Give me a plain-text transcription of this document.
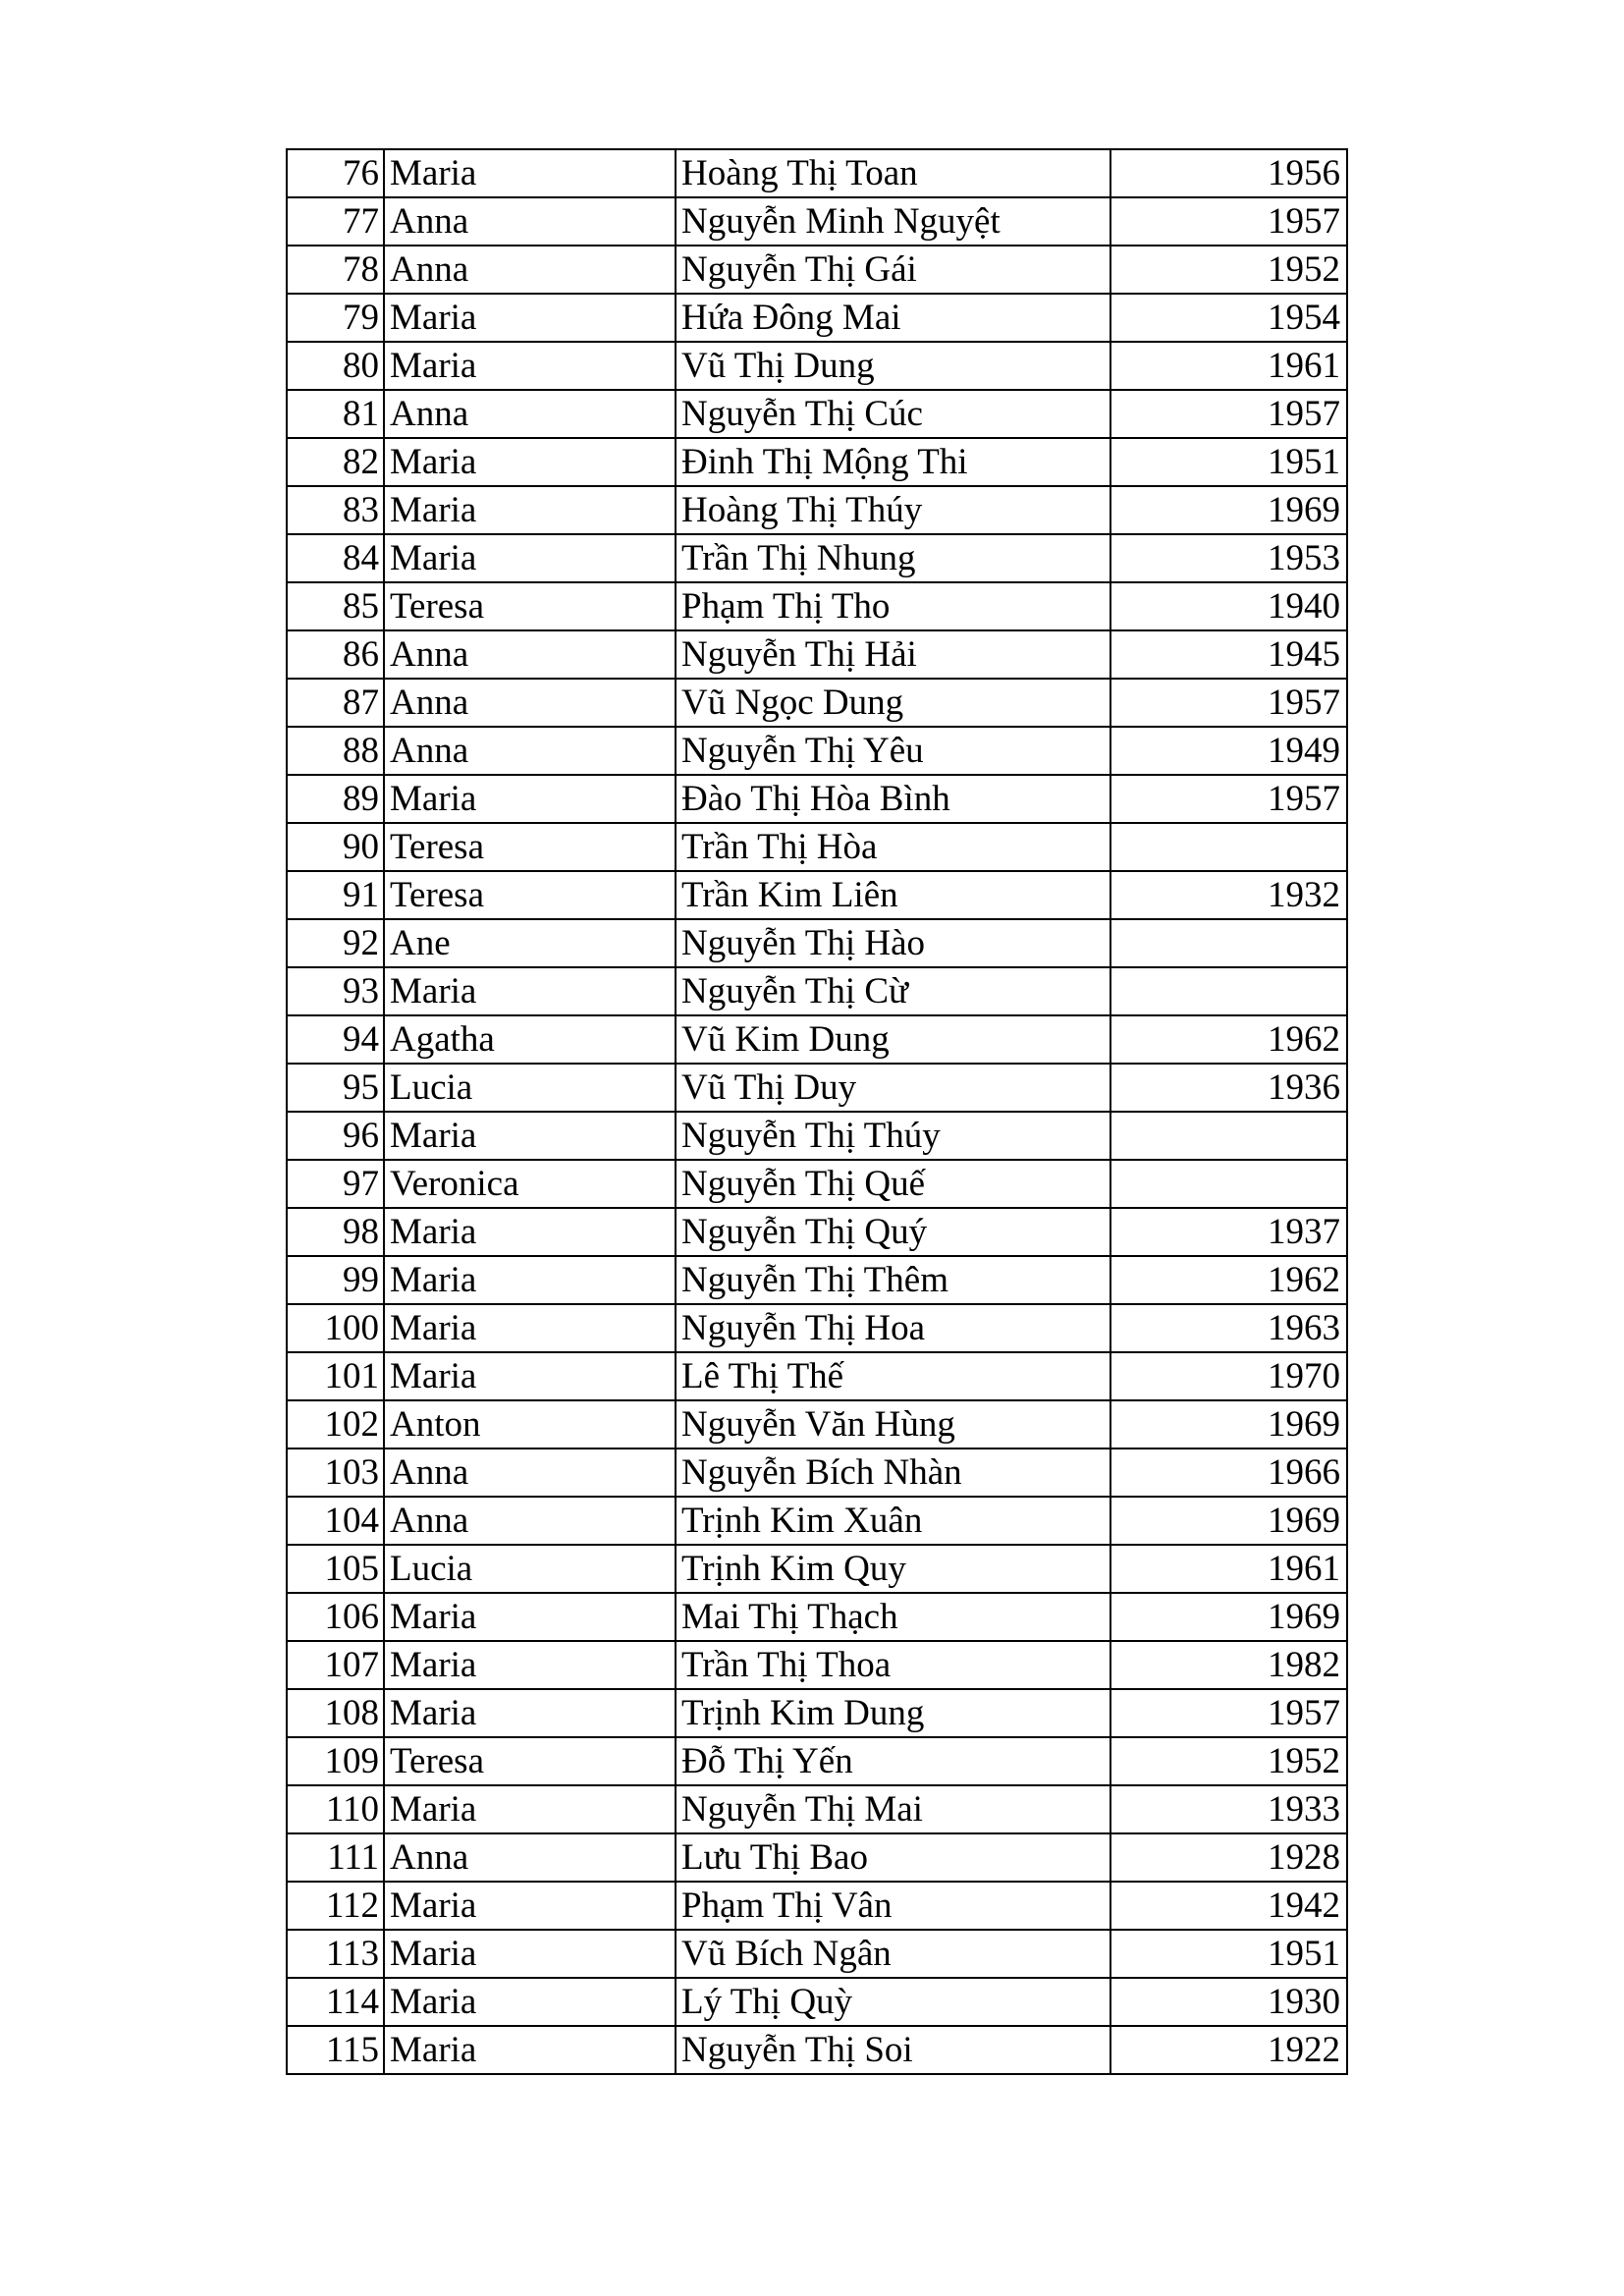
76	Maria	Hoàng Thị Toan	1956
77	Anna	Nguyễn Minh Nguyệt	1957
78	Anna	Nguyễn Thị Gái	1952
79	Maria	Hứa Đông Mai	1954
80	Maria	Vũ Thị Dung	1961
81	Anna	Nguyễn Thị Cúc	1957
82	Maria	Đinh Thị Mộng Thi	1951
83	Maria	Hoàng Thị Thúy	1969
84	Maria	Trần Thị Nhung	1953
85	Teresa	Phạm Thị Tho	1940
86	Anna	Nguyễn Thị Hải	1945
87	Anna	Vũ Ngọc Dung	1957
88	Anna	Nguyễn Thị Yêu	1949
89	Maria	Đào Thị Hòa Bình	1957
90	Teresa	Trần Thị Hòa	
91	Teresa	Trần Kim Liên	1932
92	Ane	Nguyễn Thị Hào	
93	Maria	Nguyễn Thị Cừ	
94	Agatha	Vũ Kim Dung	1962
95	Lucia	Vũ Thị Duy	1936
96	Maria	Nguyễn Thị Thúy	
97	Veronica	Nguyễn Thị Quế	
98	Maria	Nguyễn Thị Quý	1937
99	Maria	Nguyễn Thị Thêm	1962
100	Maria	Nguyễn Thị Hoa	1963
101	Maria	Lê Thị Thế	1970
102	Anton	Nguyễn Văn Hùng	1969
103	Anna	Nguyễn Bích Nhàn	1966
104	Anna	Trịnh Kim Xuân	1969
105	Lucia	Trịnh Kim Quy	1961
106	Maria	Mai Thị Thạch	1969
107	Maria	Trần Thị Thoa	1982
108	Maria	Trịnh Kim Dung	1957
109	Teresa	Đỗ Thị Yến	1952
110	Maria	Nguyễn Thị Mai	1933
111	Anna	Lưu Thị Bao	1928
112	Maria	Phạm Thị Vân	1942
113	Maria	Vũ Bích Ngân	1951
114	Maria	Lý Thị Quỳ	1930
115	Maria	Nguyễn Thị Soi	1922
